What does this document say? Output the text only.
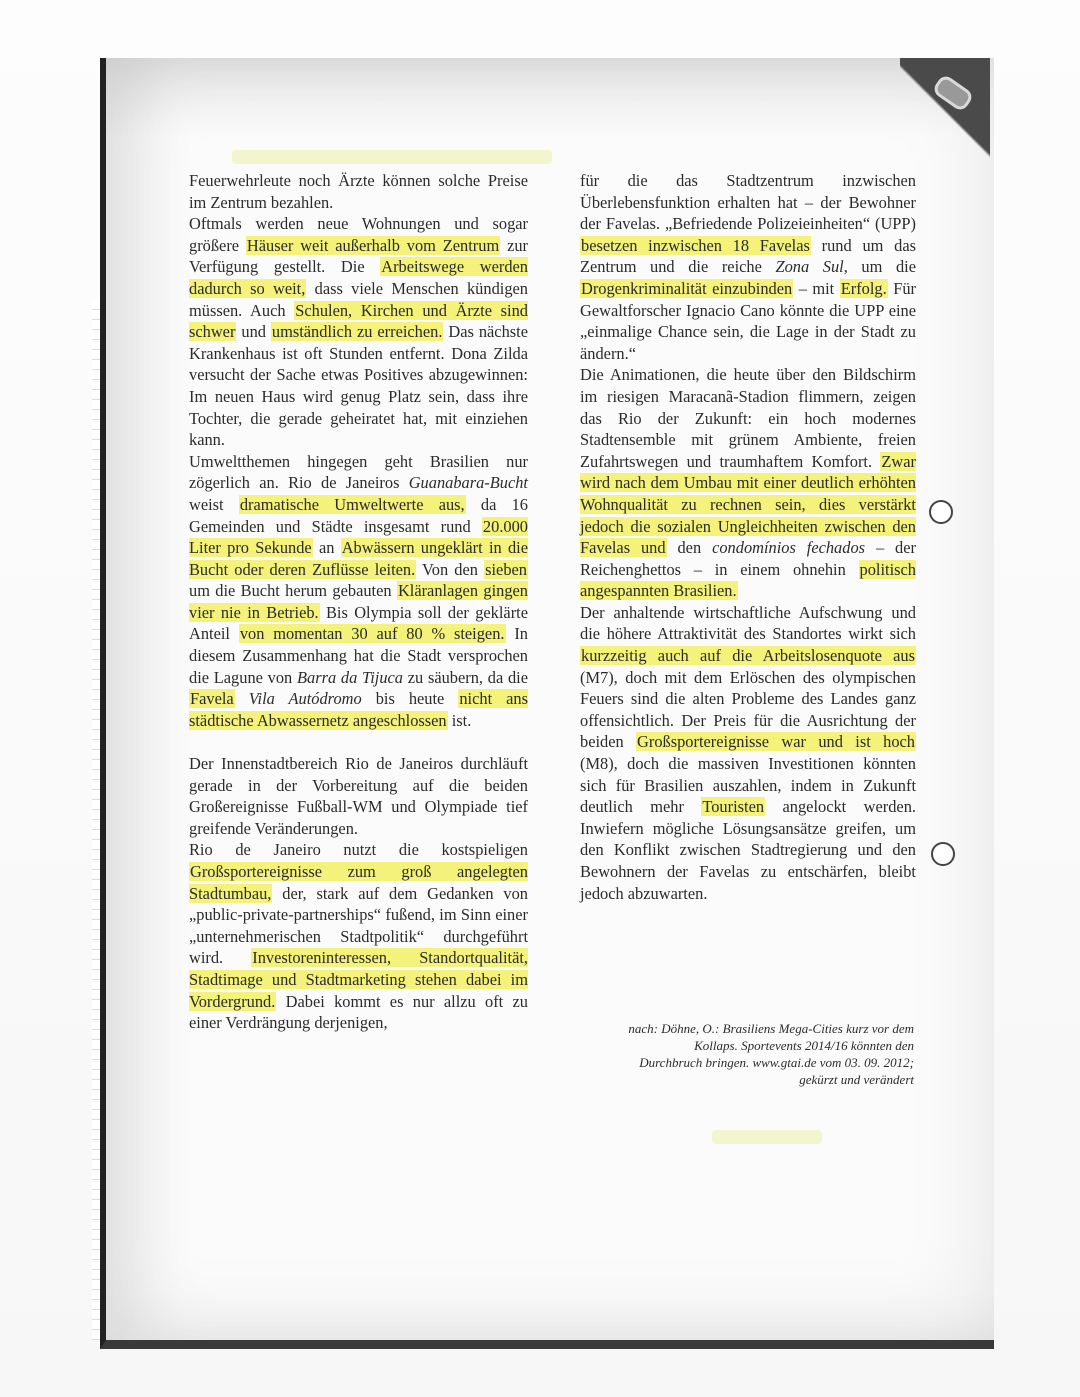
Feuerwehrleute noch Ärzte können solche Preise im Zentrum bezahlen.

Oftmals werden neue Wohnungen und sogar größere Häuser weit außerhalb vom Zentrum zur Verfügung gestellt. Die Arbeitswege werden dadurch so weit, dass viele Menschen kündigen müssen. Auch Schulen, Kirchen und Ärzte sind schwer und umständlich zu erreichen. Das nächste Krankenhaus ist oft Stunden entfernt. Dona Zilda versucht der Sache etwas Positives abzugewinnen: Im neuen Haus wird genug Platz sein, dass ihre Tochter, die gerade geheiratet hat, mit einziehen kann.

Umweltthemen hingegen geht Brasilien nur zögerlich an. Rio de Janeiros Guanabara-Bucht weist dramatische Umweltwerte aus, da 16 Gemeinden und Städte insgesamt rund 20.000 Liter pro Sekunde an Abwässern ungeklärt in die Bucht oder deren Zuflüsse leiten. Von den sieben um die Bucht herum gebauten Kläranlagen gingen vier nie in Betrieb. Bis Olympia soll der geklärte Anteil von momentan 30 auf 80 % steigen. In diesem Zusammenhang hat die Stadt versprochen die Lagune von Barra da Tijuca zu säubern, da die Favela Vila Autódromo bis heute nicht ans städtische Abwassernetz angeschlossen ist.

Der Innenstadtbereich Rio de Janeiros durchläuft gerade in der Vorbereitung auf die beiden Großereignisse Fußball-WM und Olympiade tief greifende Veränderungen.

Rio de Janeiro nutzt die kostspieligen Großsportereignisse zum groß angelegten Stadtumbau, der, stark auf dem Gedanken von „public-private-partnerships“ fußend, im Sinn einer „unternehmerischen Stadtpolitik“ durchgeführt wird. Investoreninteressen, Standortqualität, Stadtimage und Stadtmarketing stehen dabei im Vordergrund. Dabei kommt es nur allzu oft zu einer Verdrängung derjenigen,

für die das Stadtzentrum inzwischen Überlebensfunktion erhalten hat – der Bewohner der Favelas. „Befriedende Polizeieinheiten“ (UPP) besetzen inzwischen 18 Favelas rund um das Zentrum und die reiche Zona Sul, um die Drogenkriminalität einzubinden – mit Erfolg. Für Gewaltforscher Ignacio Cano könnte die UPP eine „einmalige Chance sein, die Lage in der Stadt zu ändern.“

Die Animationen, die heute über den Bildschirm im riesigen Maracanã-Stadion flimmern, zeigen das Rio der Zukunft: ein hoch modernes Stadtensemble mit grünem Ambiente, freien Zufahrtswegen und traumhaftem Komfort. Zwar wird nach dem Umbau mit einer deutlich erhöhten Wohnqualität zu rechnen sein, dies verstärkt jedoch die sozialen Ungleichheiten zwischen den Favelas und den condomínios fechados – der Reichenghettos – in einem ohnehin politisch angespannten Brasilien.

Der anhaltende wirtschaftliche Aufschwung und die höhere Attraktivität des Standortes wirkt sich kurzzeitig auch auf die Arbeitslosenquote aus (M7), doch mit dem Erlöschen des olympischen Feuers sind die alten Probleme des Landes ganz offensichtlich. Der Preis für die Ausrichtung der beiden Großsportereignisse war und ist hoch (M8), doch die massiven Investitionen könnten sich für Brasilien auszahlen, indem in Zukunft deutlich mehr Touristen angelockt werden. Inwiefern mögliche Lösungsansätze greifen, um den Konflikt zwischen Stadtregierung und den Bewohnern der Favelas zu entschärfen, bleibt jedoch abzuwarten.

nach: Döhne, O.: Brasiliens Mega-Cities kurz vor dem
Kollaps. Sportevents 2014/16 könnten den
Durchbruch bringen. www.gtai.de vom 03. 09. 2012;
gekürzt und verändert
